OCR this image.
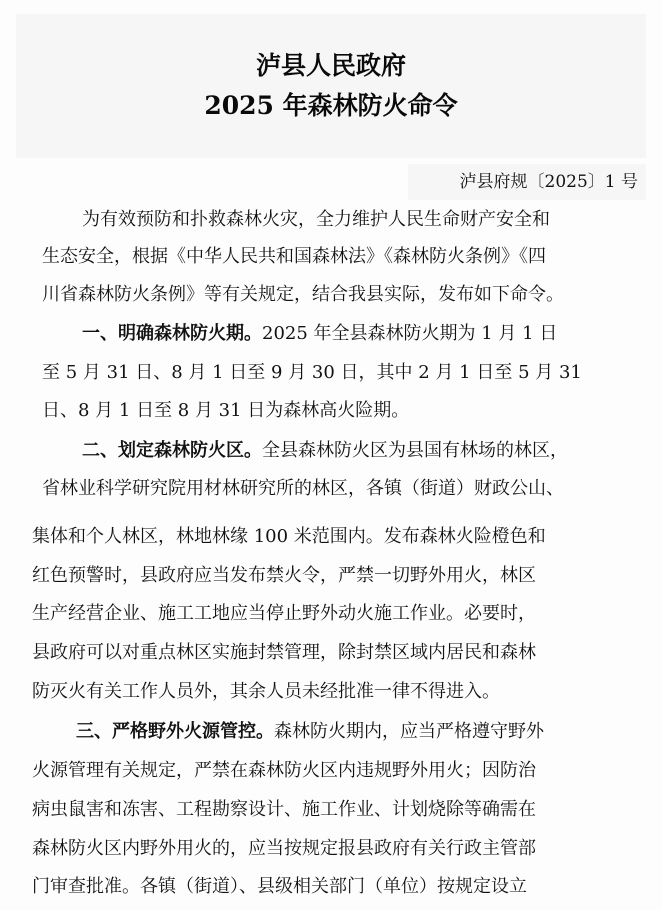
泸县人民政府
2025 年森林防火命令
泸县府规〔2025〕1 号
为有效预防和扑救森林火灾，全力维护人民生命财产安全和
生态安全，根据《中华人民共和国森林法》《森林防火条例》《四
川省森林防火条例》等有关规定，结合我县实际，发布如下命令。
一、明确森林防火期。2025 年全县森林防火期为 1 月 1 日
至 5 月 31 日、8 月 1 日至 9 月 30 日，其中 2 月 1 日至 5 月 31
日、8 月 1 日至 8 月 31 日为森林高火险期。
二、划定森林防火区。全县森林防火区为县国有林场的林区，
省林业科学研究院用材林研究所的林区，各镇（街道）财政公山、
集体和个人林区，林地林缘 100 米范围内。发布森林火险橙色和
红色预警时，县政府应当发布禁火令，严禁一切野外用火，林区
生产经营企业、施工工地应当停止野外动火施工作业。必要时，
县政府可以对重点林区实施封禁管理，除封禁区域内居民和森林
防灭火有关工作人员外，其余人员未经批准一律不得进入。
三、严格野外火源管控。森林防火期内，应当严格遵守野外
火源管理有关规定，严禁在森林防火区内违规野外用火；因防治
病虫鼠害和冻害、工程勘察设计、施工作业、计划烧除等确需在
森林防火区内野外用火的，应当按规定报县政府有关行政主管部
门审查批准。各镇（街道）、县级相关部门（单位）按规定设立
